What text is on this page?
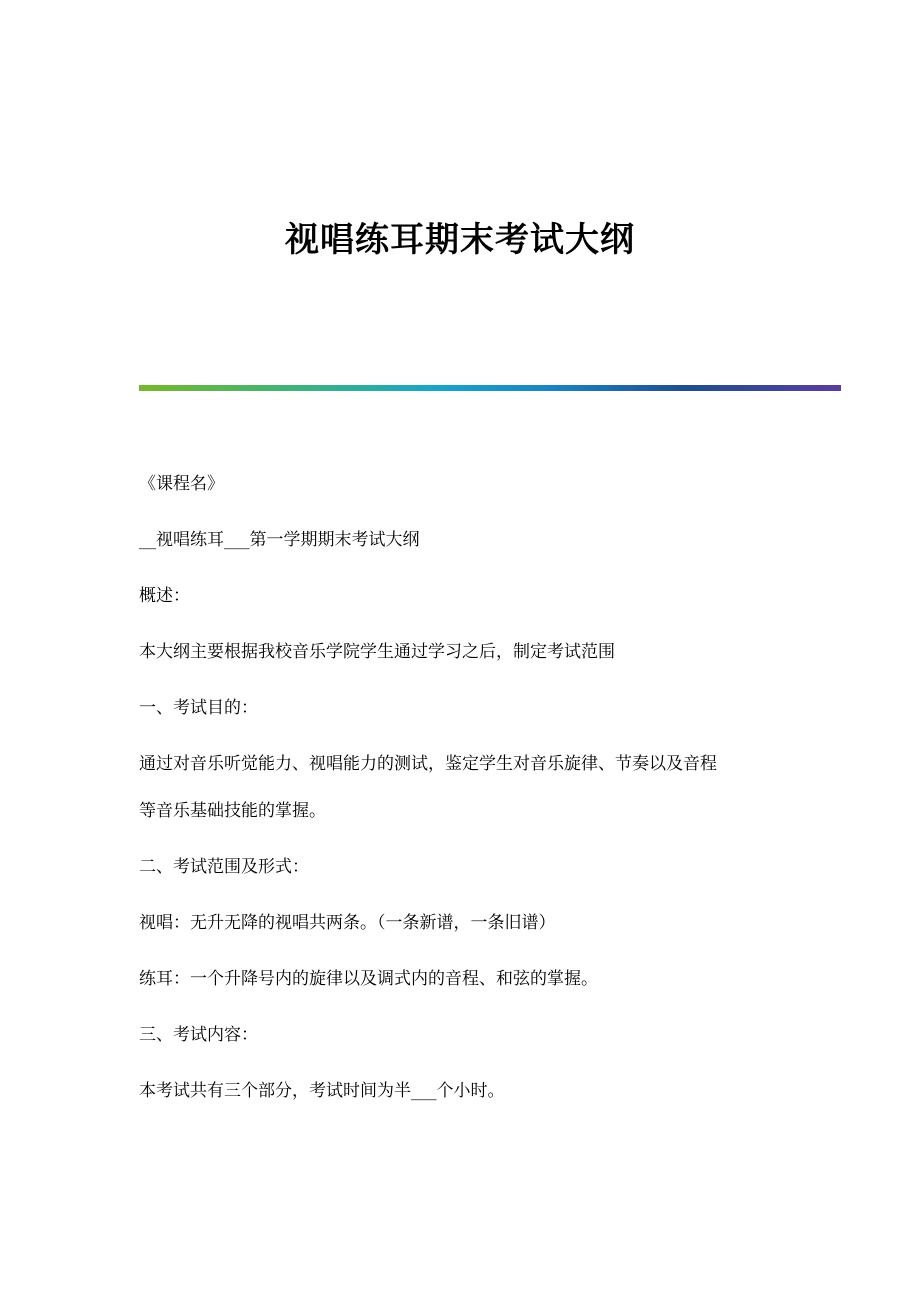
视唱练耳期末考试大纲

《课程名》

__视唱练耳___第一学期期末考试大纲

概述：

本大纲主要根据我校音乐学院学生通过学习之后，制定考试范围

一、考试目的：

通过对音乐听觉能力、视唱能力的测试，鉴定学生对音乐旋律、节奏以及音程

等音乐基础技能的掌握。

二、考试范围及形式：

视唱：无升无降的视唱共两条。（一条新谱，一条旧谱）

练耳：一个升降号内的旋律以及调式内的音程、和弦的掌握。

三、考试内容：

本考试共有三个部分，考试时间为半___个小时。
